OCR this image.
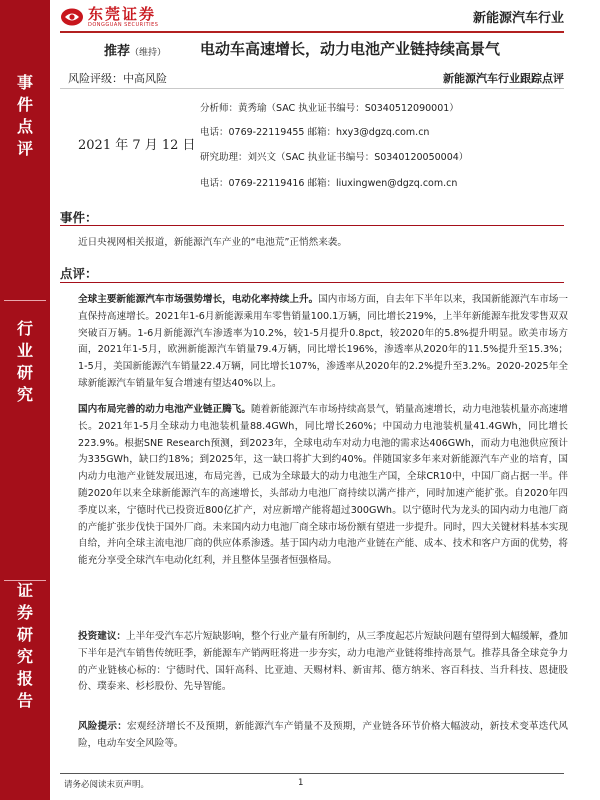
事
件
点
评
行
业
研
究
证
券
研
究
报
告
东莞证券
DONGGUAN SECURITIES	新能源汽车行业
推荐（维持） 电动车高速增长，动力电池产业链持续高景气
风险评级：中高风险	新能源汽车行业跟踪点评
2021 年 7 月 12 日
分析师：黄秀瑜（SAC 执业证书编号：S0340512090001）
电话：0769-22119455 邮箱：hxy3@dgzq.com.cn
研究助理：刘兴文（SAC 执业证书编号：S0340120050004）
电话：0769-22119416 邮箱：liuxingwen@dgzq.com.cn
事件：
近日央视网相关报道，新能源汽车产业的“电池荒”正悄然来袭。
点评：
全球主要新能源汽车市场强势增长，电动化率持续上升。国内市场方面，自去年下半年以来，我国新能源汽车市场一直保持高速增长。2021年1-6月新能源乘用车零售销量100.1万辆，同比增长219%，上半年新能源车批发零售双双突破百万辆。1-6月新能源汽车渗透率为10.2%，较1-5月提升0.8pct，较2020年的5.8%提升明显。欧美市场方面，2021年1-5月，欧洲新能源汽车销量79.4万辆，同比增长196%，渗透率从2020年的11.5%提升至15.3%；1-5月，美国新能源汽车销量22.4万辆，同比增长107%，渗透率从2020年的2.2%提升至3.2%。2020-2025年全球新能源汽车销量年复合增速有望达40%以上。
国内布局完善的动力电池产业链正腾飞。随着新能源汽车市场持续高景气，销量高速增长，动力电池装机量亦高速增长。2021年1-5月全球动力电池装机量88.4GWh，同比增长260%；中国动力电池装机量41.4GWh，同比增长223.9%。根据SNE Research预测，到2023年，全球电动车对动力电池的需求达406GWh，而动力电池供应预计为335GWh，缺口约18%；到2025年，这一缺口将扩大到约40%。伴随国家多年来对新能源汽车产业的培育，国内动力电池产业链发展迅速，布局完善，已成为全球最大的动力电池生产国，全球CR10中，中国厂商占据一半。伴随2020年以来全球新能源汽车的高速增长，头部动力电池厂商持续以满产排产，同时加速产能扩张。自2020年四季度以来，宁德时代已投资近800亿扩产，对应新增产能将超过300GWh。以宁德时代为龙头的国内动力电池厂商的产能扩张步伐快于国外厂商。未来国内动力电池厂商全球市场份额有望进一步提升。同时，四大关键材料基本实现自给，并向全球主流电池厂商的供应体系渗透。基于国内动力电池产业链在产能、成本、技术和客户方面的优势，将能充分享受全球汽车电动化红利，并且整体呈强者恒强格局。
投资建议：上半年受汽车芯片短缺影响，整个行业产量有所制约，从三季度起芯片短缺问题有望得到大幅缓解，叠加下半年是汽车销售传统旺季，新能源车产销两旺将进一步夯实，动力电池产业链将维持高景气。推荐具备全球竞争力的产业链核心标的：宁德时代、国轩高科、比亚迪、天赐材料、新宙邦、德方纳米、容百科技、当升科技、恩捷股份、璞泰来、杉杉股份、先导智能。
风险提示：宏观经济增长不及预期，新能源汽车产销量不及预期，产业链各环节价格大幅波动，新技术变革迭代风险，电动车安全风险等。
请务必阅读末页声明。	1
